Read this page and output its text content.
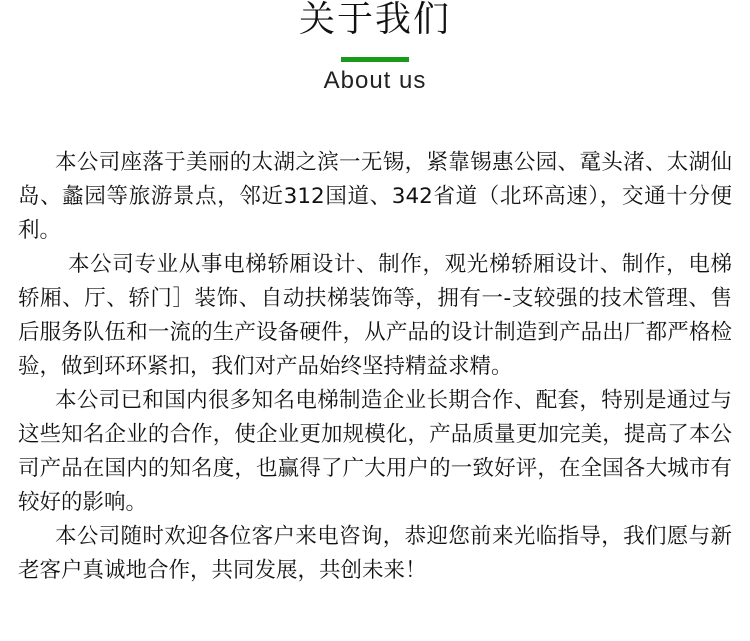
关于我们
About us

本公司座落于美丽的太湖之滨一无锡，紧靠锡惠公园、鼋头渚、太湖仙岛、蠡园等旅游景点，邻近312国道、342省道（北环高速），交通十分便利。

本公司专业从事电梯轿厢设计、制作，观光梯轿厢设计、制作，电梯轿厢、厅、轿门］装饰、自动扶梯装饰等，拥有一-支较强的技术管理、售后服务队伍和一流的生产设备硬件，从产品的设计制造到产品出厂都严格检验，做到环环紧扣，我们对产品始终坚持精益求精。

本公司已和国内很多知名电梯制造企业长期合作、配套，特别是通过与这些知名企业的合作，使企业更加规模化，产品质量更加完美，提高了本公司产品在国内的知名度，也赢得了广大用户的一致好评，在全国各大城市有较好的影响。

本公司随时欢迎各位客户来电咨询，恭迎您前来光临指导，我们愿与新老客户真诚地合作，共同发展，共创未来！
